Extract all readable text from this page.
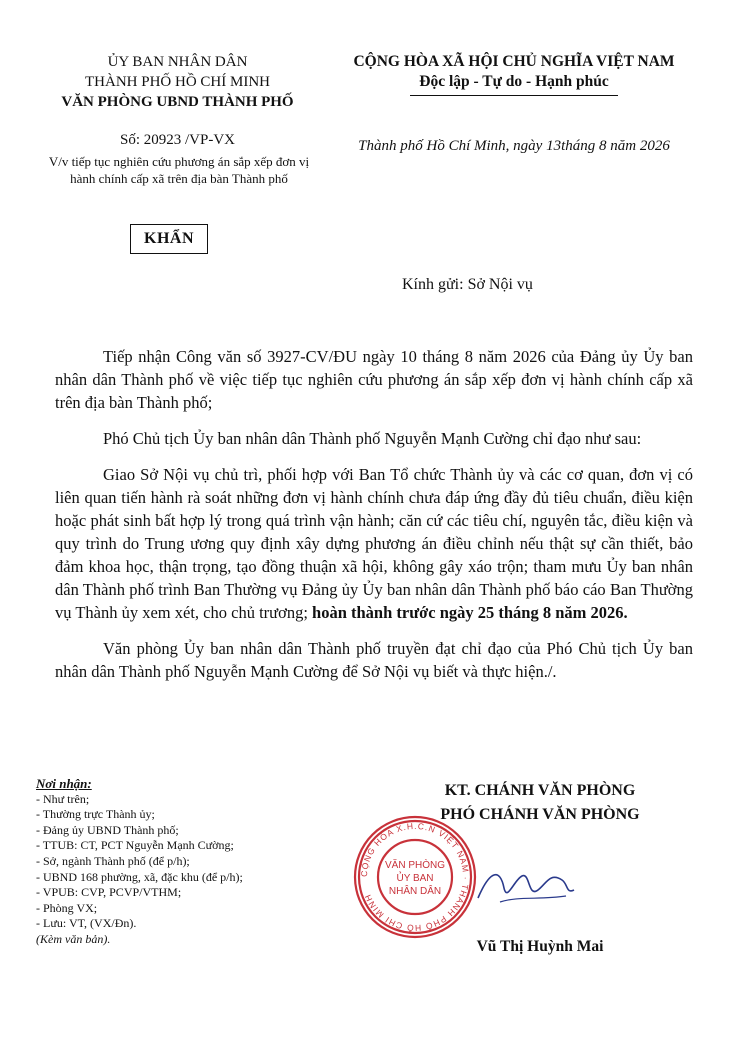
ỦY BAN NHÂN DÂN
THÀNH PHỐ HỒ CHÍ MINH
VĂN PHÒNG UBND THÀNH PHỐ
Số: 20923 /VP-VX
V/v tiếp tục nghiên cứu phương án sắp xếp đơn vị hành chính cấp xã trên địa bàn Thành phố
KHẨN
CỘNG HÒA XÃ HỘI CHỦ NGHĨA VIỆT NAM
Độc lập - Tự do - Hạnh phúc
Thành phố Hồ Chí Minh, ngày 13tháng 8 năm 2026
Kính gửi: Sở Nội vụ

Tiếp nhận Công văn số 3927-CV/ĐU ngày 10 tháng 8 năm 2026 của Đảng ủy Ủy ban nhân dân Thành phố về việc tiếp tục nghiên cứu phương án sắp xếp đơn vị hành chính cấp xã trên địa bàn Thành phố;

Phó Chủ tịch Ủy ban nhân dân Thành phố Nguyễn Mạnh Cường chỉ đạo như sau:

Giao Sở Nội vụ chủ trì, phối hợp với Ban Tổ chức Thành ủy và các cơ quan, đơn vị có liên quan tiến hành rà soát những đơn vị hành chính chưa đáp ứng đầy đủ tiêu chuẩn, điều kiện hoặc phát sinh bất hợp lý trong quá trình vận hành; căn cứ các tiêu chí, nguyên tắc, điều kiện và quy trình do Trung ương quy định xây dựng phương án điều chỉnh nếu thật sự cần thiết, bảo đảm khoa học, thận trọng, tạo đồng thuận xã hội, không gây xáo trộn; tham mưu Ủy ban nhân dân Thành phố trình Ban Thường vụ Đảng ủy Ủy ban nhân dân Thành phố báo cáo Ban Thường vụ Thành ủy xem xét, cho chủ trương; hoàn thành trước ngày 25 tháng 8 năm 2026.

Văn phòng Ủy ban nhân dân Thành phố truyền đạt chỉ đạo của Phó Chủ tịch Ủy ban nhân dân Thành phố Nguyễn Mạnh Cường để Sở Nội vụ biết và thực hiện./.

Nơi nhận:
- Như trên;
- Thường trực Thành ủy;
- Đảng ủy UBND Thành phố;
- TTUB: CT, PCT Nguyễn Mạnh Cường;
- Sở, ngành Thành phố (để p/h);
- UBND 168 phường, xã, đặc khu (để p/h);
- VPUB: CVP, PCVP/VTHM;
- Phòng VX;
- Lưu: VT, (VX/Đn).
(Kèm văn bản).
KT. CHÁNH VĂN PHÒNG
PHÓ CHÁNH VĂN PHÒNG
CỘNG HÒA X.H.C.N VIỆT NAM · THÀNH PHỐ HỒ CHÍ MINH
VĂN PHÒNG
ỦY BAN
NHÂN DÂN
Vũ Thị Huỳnh Mai
